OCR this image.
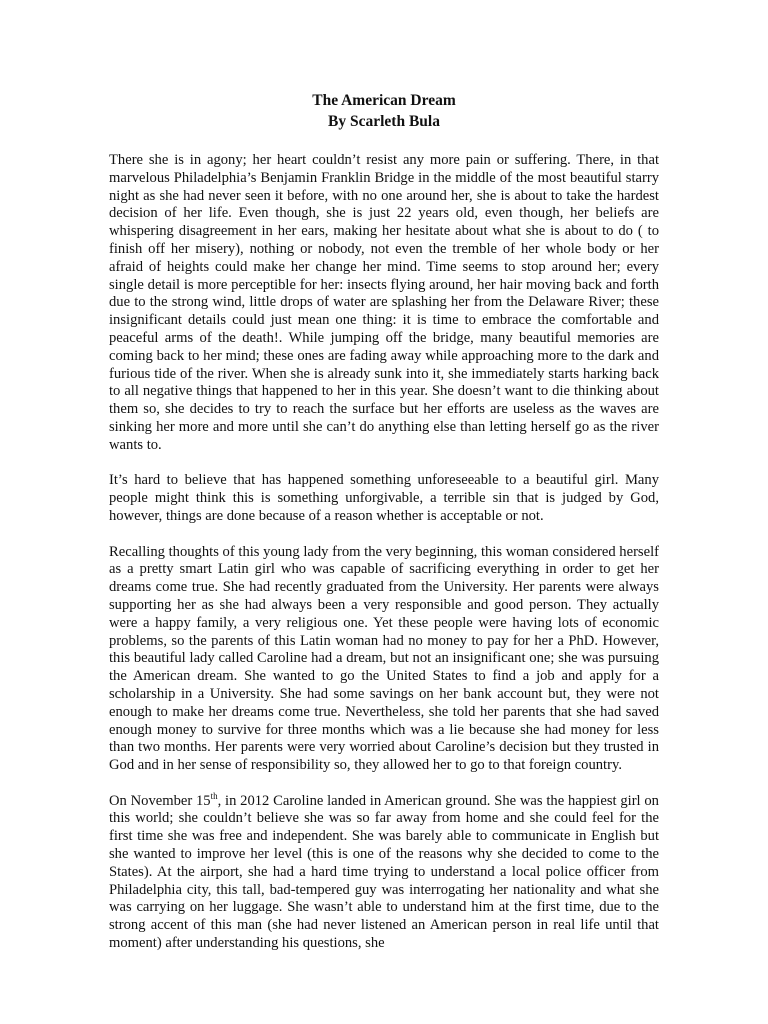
The American Dream
By Scarleth Bula

There she is in agony; her heart couldn’t resist any more pain or suffering. There, in that marvelous Philadelphia’s Benjamin Franklin Bridge in the middle of the most beautiful starry night as she had never seen it before, with no one around her, she is about to take the hardest decision of her life. Even though, she is just 22 years old, even though, her beliefs are whispering disagreement in her ears, making her hesitate about what she is about to do ( to finish off her misery), nothing or nobody, not even the tremble of her whole body or her afraid of heights could make her change her mind. Time seems to stop around her; every single detail is more perceptible for her: insects flying around, her hair moving back and forth due to the strong wind, little drops of water are splashing her from the Delaware River; these insignificant details could just mean one thing: it is time to embrace the comfortable and peaceful arms of the death!. While jumping off the bridge, many beautiful memories are coming back to her mind; these ones are fading away while approaching more to the dark and furious tide of the river. When she is already sunk into it, she immediately starts harking back to all negative things that happened to her in this year. She doesn’t want to die thinking about them so, she decides to try to reach the surface but her efforts are useless as the waves are sinking her more and more until she can’t do anything else than letting herself go as the river wants to.

It’s hard to believe that has happened something unforeseeable to a beautiful girl. Many people might think this is something unforgivable, a terrible sin that is judged by God, however, things are done because of a reason whether is acceptable or not.

Recalling thoughts of this young lady from the very beginning, this woman considered herself as a pretty smart Latin girl who was capable of sacrificing everything in order to get her dreams come true. She had recently graduated from the University. Her parents were always supporting her as she had always been a very responsible and good person. They actually were a happy family, a very religious one. Yet these people were having lots of economic problems, so the parents of this Latin woman had no money to pay for her a PhD. However, this beautiful lady called Caroline had a dream, but not an insignificant one; she was pursuing the American dream. She wanted to go the United States to find a job and apply for a scholarship in a University. She had some savings on her bank account but, they were not enough to make her dreams come true. Nevertheless, she told her parents that she had saved enough money to survive for three months which was a lie because she had money for less than two months. Her parents were very worried about Caroline’s decision but they trusted in God and in her sense of responsibility so, they allowed her to go to that foreign country.

On November 15th, in 2012 Caroline landed in American ground. She was the happiest girl on this world; she couldn’t believe she was so far away from home and she could feel for the first time she was free and independent. She was barely able to communicate in English but she wanted to improve her level (this is one of the reasons why she decided to come to the States). At the airport, she had a hard time trying to understand a local police officer from Philadelphia city, this tall, bad-tempered guy was interrogating her nationality and what she was carrying on her luggage. She wasn’t able to understand him at the first time, due to the strong accent of this man (she had never listened an American person in real life until that moment) after understanding his questions, she
